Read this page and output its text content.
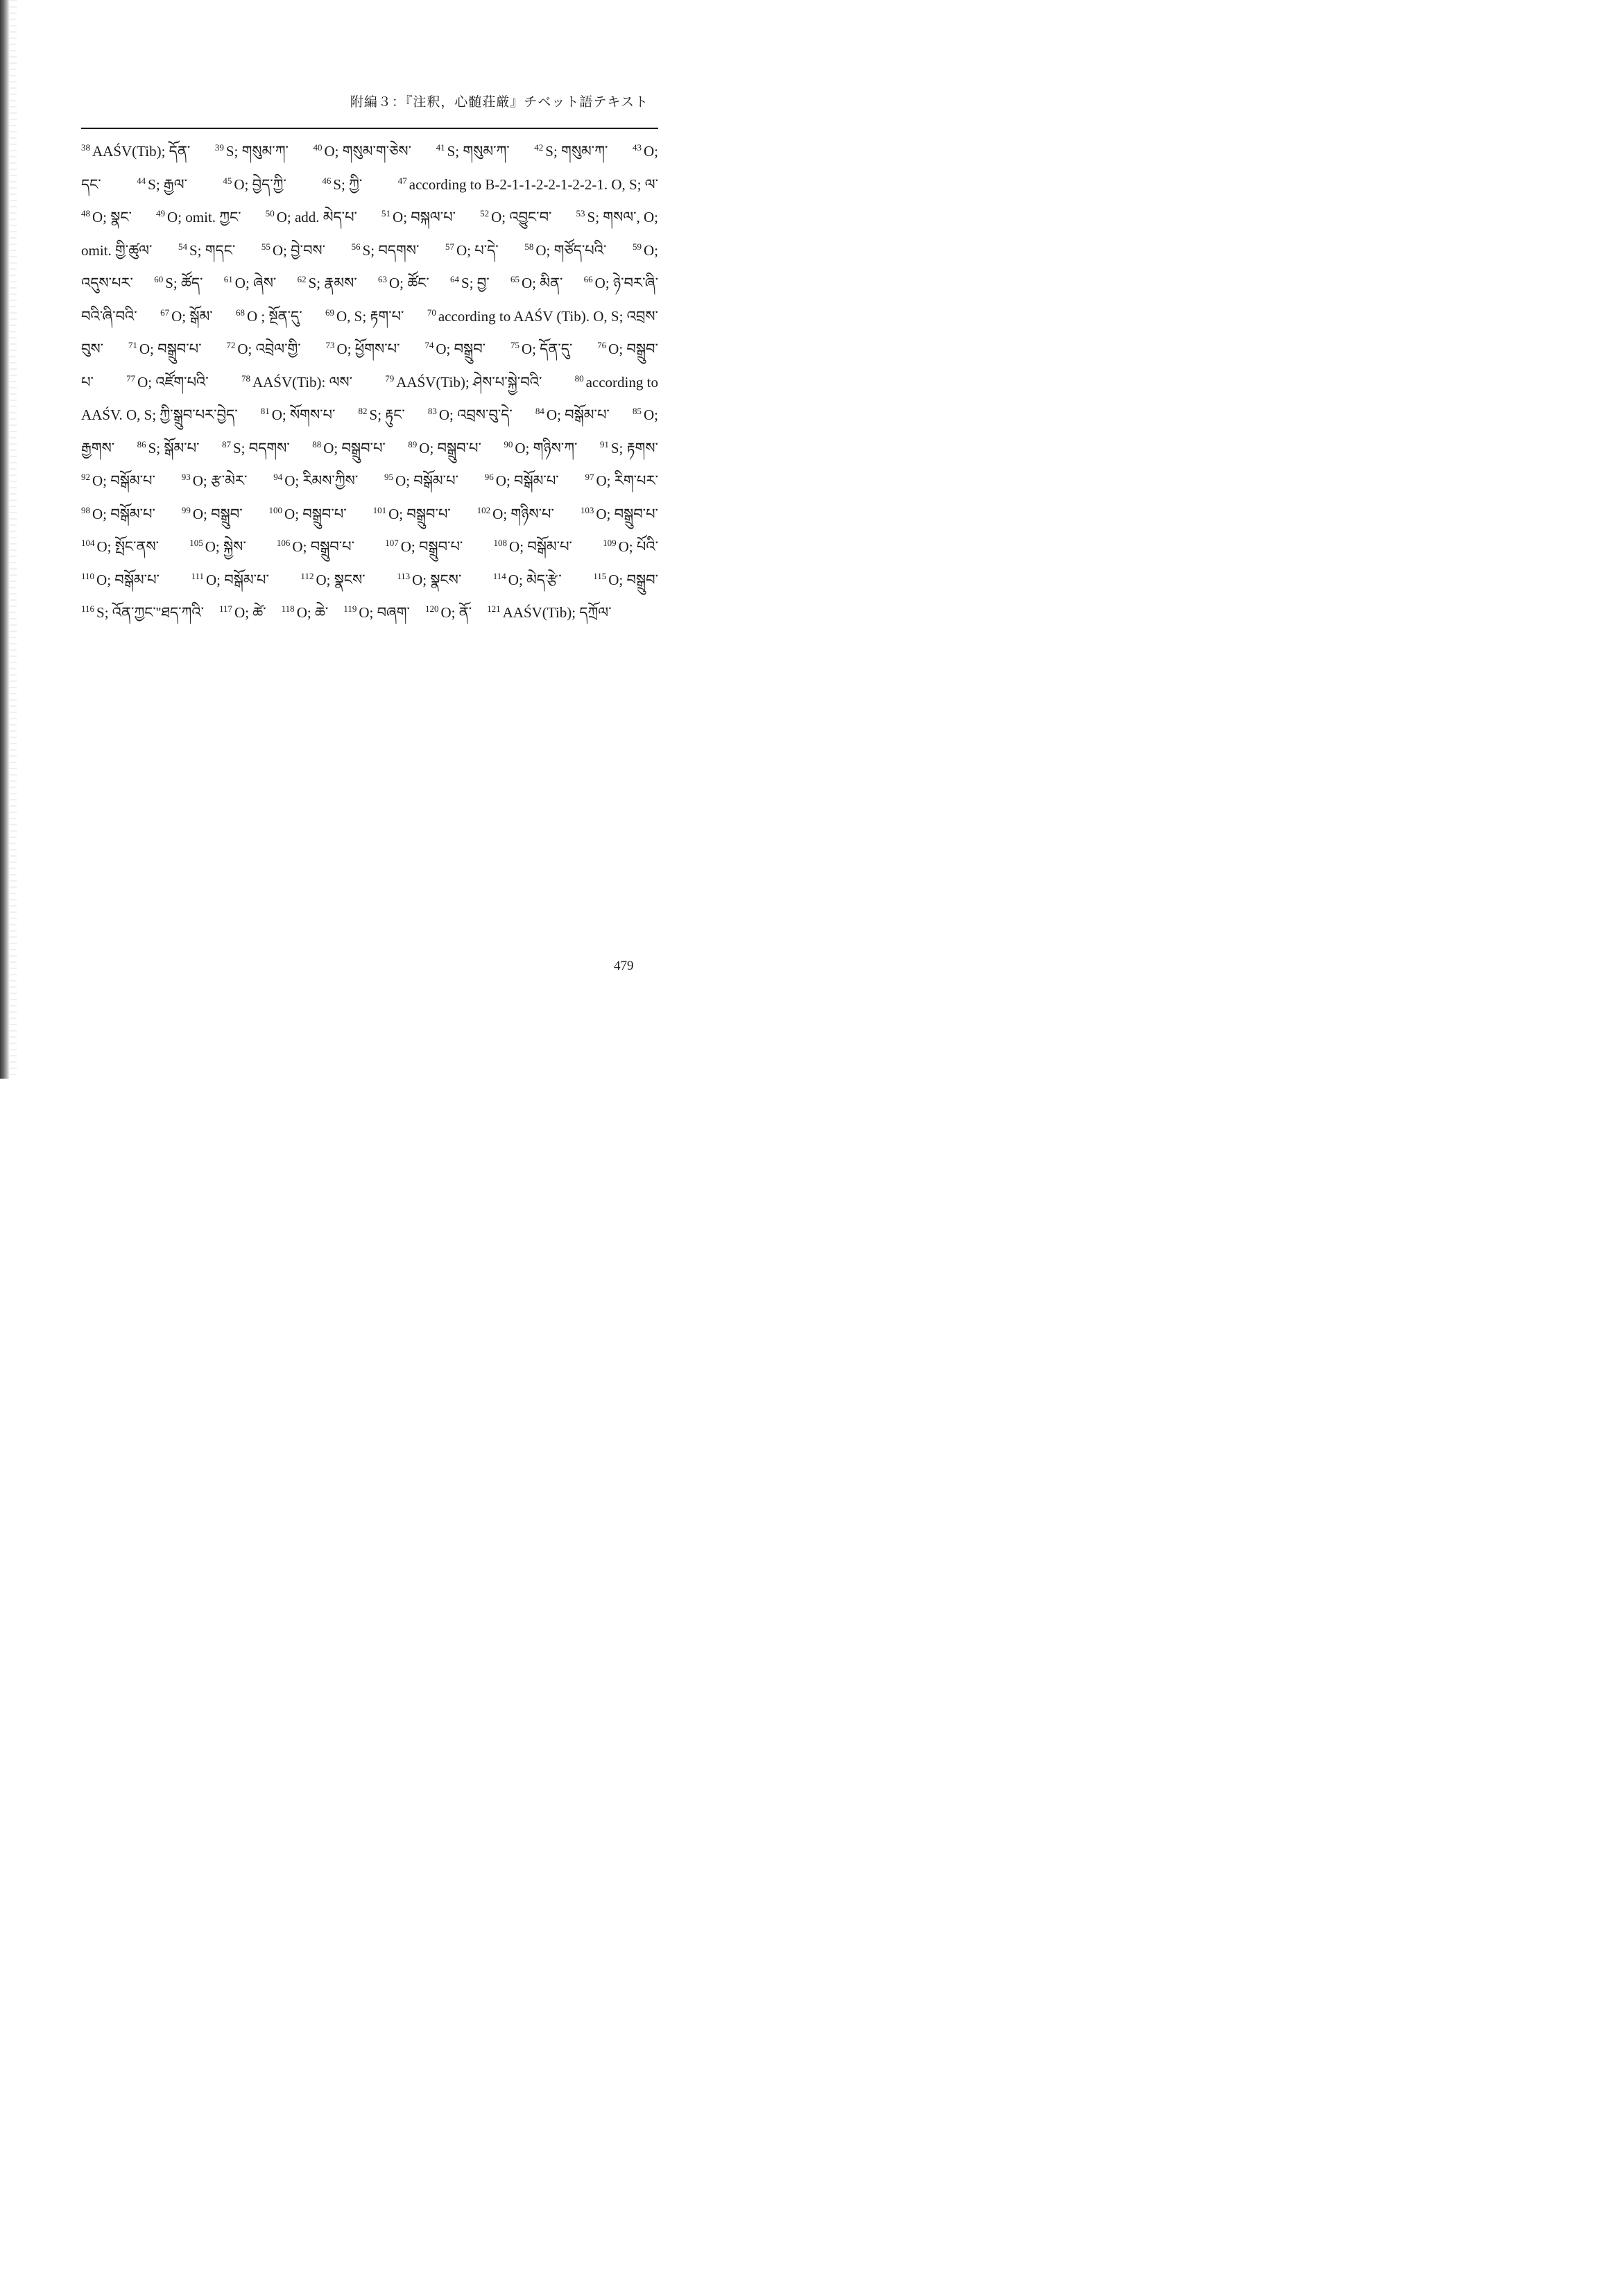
附編３：『注釈，心髄荘厳』チベット語テキスト
$^{38}$ AAŚV(Tib); དོན་	$^{39}$ S; གསུམ་ཀ་	$^{40}$ O; གསུམ་ག་ཅེས་	$^{41}$ S; གསུམ་ཀ་	$^{42}$ S; གསུམ་ཀ་	$^{43}$ O;
དང་	$^{44}$ S; རྒྱལ་	$^{45}$ O; བྱེད་ཀྱི་	$^{46}$ S; ཀྱི་	$^{47}$ according to B-2-1-1-2-2-1-2-2-1. O, S; ལ་
$^{48}$ O; སྣང་	$^{49}$ O; omit. ཀྱང་	$^{50}$ O; add. མེད་པ་	$^{51}$ O; བསྐལ་པ་	$^{52}$ O; འབྱུང་བ་	$^{53}$ S; གསལ་, O;
omit. གྱི་ཚུལ་	$^{54}$ S; གདང་	$^{55}$ O; བྱེ་བས་	$^{56}$ S; བདགས་	$^{57}$ O; པ་དེ་	$^{58}$ O; གཙོད་པའི་	$^{59}$ O;
འདུས་པར་ $^{60}$ S; ཚོད་ $^{61}$ O; ཞེས་ $^{62}$ S; རྣམས་ $^{63}$ O; ཚོང་ $^{64}$ S; བྱ་ $^{65}$ O; མིན་ $^{66}$ O; ཉེ་བར་ཞི་
བའི་ཞི་བའི་	$^{67}$ O; སྒོམ་	$^{68}$ O ; སྔོན་དུ་	$^{69}$ O, S; རྟག་པ་	$^{70}$ according to AAŚV (Tib). O, S; འབྲས་
བུས་	$^{71}$ O; བསྒྲུབ་པ་	$^{72}$ O; འབྲེལ་གྱི་	$^{73}$ O; ཕྱོགས་པ་	$^{74}$ O; བསྒྲུབ་	$^{75}$ O; དོན་དུ་	$^{76}$ O; བསྒྲུབ་
པ་	$^{77}$ O; འཛོག་པའི་	$^{78}$ AAŚV(Tib): ལས་	$^{79}$ AAŚV(Tib); ཤེས་པ་སྐྱེ་བའི་	$^{80}$ according to
AAŚV. O, S; ཀྱི་སྒྲུབ་པར་བྱེད་	$^{81}$ O; སོགས་པ་	$^{82}$ S; རྟུང་	$^{83}$ O; འབྲས་བུ་དེ་	$^{84}$ O; བསྒོམ་པ་	$^{85}$ O;
རྒྱགས་ $^{86}$ S; སྒོམ་པ་ $^{87}$ S; བདགས་ $^{88}$ O; བསྒྲུབ་པ་ $^{89}$ O; བསྒྲུབ་པ་ $^{90}$ O; གཉིས་ཀ་ $^{91}$ S; རྟགས་
$^{92}$ O; བསྒོམ་པ་	$^{93}$ O; རྩ་མེར་	$^{94}$ O; རིམས་ཀྱིས་	$^{95}$ O; བསྒོམ་པ་	$^{96}$ O; བསྒོམ་པ་	$^{97}$ O; རིག་པར་
$^{98}$ O; བསྒོམ་པ་	$^{99}$ O; བསྒྲུབ་	$^{100}$ O; བསྒྲུབ་པ་	$^{101}$ O; བསྒྲུབ་པ་	$^{102}$ O; གཉིས་པ་	$^{103}$ O; བསྒྲུབ་པ་
$^{104}$ O; སྤོང་ནས་	$^{105}$ O; སྐྱེས་	$^{106}$ O; བསྒྲུབ་པ་	$^{107}$ O; བསྒྲུབ་པ་	$^{108}$ O; བསྒོམ་པ་	$^{109}$ O; པོའི་
$^{110}$ O; བསྒོམ་པ་	$^{111}$ O; བསྒོམ་པ་	$^{112}$ O; སྣངས་	$^{113}$ O; སྣངས་	$^{114}$ O; མེད་རྩེ་	$^{115}$ O; བསྒྲུབ་
$^{116}$ S; འོན་ཀྱང་''ཐད་ཀའི་ $^{117}$ O; ཚེ་ $^{118}$ O; ཆེ་ $^{119}$ O; བཞག་ $^{120}$ O; ནོ་ $^{121}$ AAŚV(Tib); དཀྲོལ་
479
